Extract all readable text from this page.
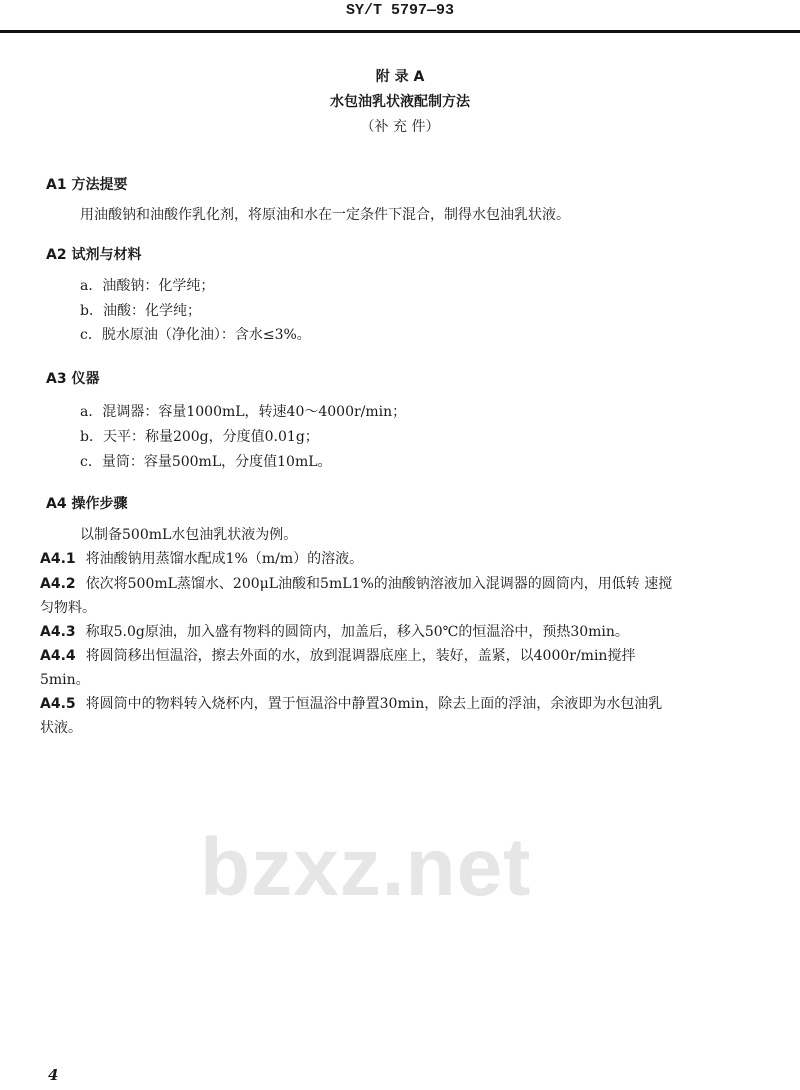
SY/T 5797—93
bzxz.net
附 录 A
水包油乳状液配制方法
（补 充 件）
A1 方法提要
用油酸钠和油酸作乳化剂，将原油和水在一定条件下混合，制得水包油乳状液。
A2 试剂与材料
a．油酸钠：化学纯；
b．油酸：化学纯；
c．脱水原油（净化油）：含水≤3%。
A3 仪器
a．混调器：容量1000mL，转速40～4000r/min；
b．天平：称量200g，分度值0.01g；
c．量筒：容量500mL，分度值10mL。
A4 操作步骤
以制备500mL水包油乳状液为例。
A4.1 将油酸钠用蒸馏水配成1%（m/m）的溶液。
A4.2 依次将500mL蒸馏水、200μL油酸和5mL1%的油酸钠溶液加入混调器的圆筒内，用低转 速搅
匀物料。
A4.3 称取5.0g原油，加入盛有物料的圆筒内，加盖后，移入50℃的恒温浴中，预热30min。
A4.4 将圆筒移出恒温浴，擦去外面的水，放到混调器底座上，装好，盖紧，以4000r/min搅拌
5min。
A4.5 将圆筒中的物料转入烧杯内，置于恒温浴中静置30min，除去上面的浮油，余液即为水包油乳
状液。
4
